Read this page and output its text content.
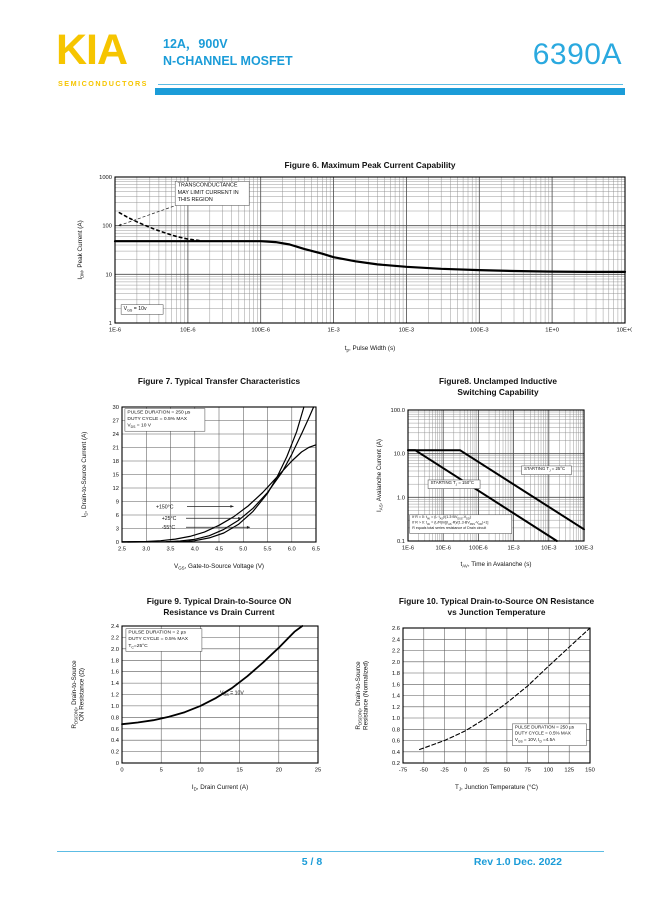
KIA
SEMICONDUCTORS
12A，900V
N-CHANNEL MOSFET	6390A
Figure 6. Maximum Peak Current Capability
1E-6	10E-6	100E-6	1E-3	10E-3	100E-3	1E+0	10E+0
1000
100
10
1
TRANSCONDUCTANCE
MAY LIMIT CURRENT IN
THIS REGION
$V_{GS} = 10v$
$t_p$, Pulse Width (s)
$I_{DM}$, Peak Current (A)
Figure 7. Typical Transfer Characteristics
2.5	3.0	3.5	4.0	4.5	5.0	5.5	6.0	6.5
30
27
24
21
18
15
12
9
6
3
0
PULSE DURATION = 250 µs
DUTY CYCLE = 0.5% MAX
$V_{DS} = 10$ V
+150°C
+25°C
-55°C
$V_{GS}$, Gate-to-Source Voltage (V)
$I_D$, Drain-to-Source Current (A)
Figure8. Unclamped Inductive
Switching Capability
1E-6	10E-6	100E-6	1E-3	10E-3	100E-3
100.0
10.0
1.0
0.1
STARTING $T_J = 25^\circ C$
STARTING $T_J = 150^\circ C$
If R = 0: $t_{AV} = (L\cdot I_{AS})/(1.3\cdot BV_{DSS}-V_{DD})$
If R > 0: $t_{AV} = (L/R)\ln[(I_{AS}\cdot R)/(1.3\cdot BV_{DSS}-V_{DD})+1]$
R equals total series resistance of Drain circuit
$t_{AV}$, Time in Avalanche (s)
$I_{AS}$, Avalanche Current (A)
Figure 9. Typical Drain-to-Source ON
Resistance vs Drain Current
0	5	10	15	20	25
2.4
2.2
2.0
1.8
1.6
1.4
1.2
1.0
0.8
0.6
0.4
0.2
0
PULSE DURATION = 2 µs
DUTY CYCLE = 0.5% MAX
$T_C=25^\circ C$
$V_{GS} = 10V$
$I_D$, Drain Current (A)
$R_{DS(ON)}$, Drain-to-Source ON Resistance (Ω)
Figure 10. Typical Drain-to-Source ON Resistance
vs Junction Temperature
-75 -50 -25	0	25 50 75 100 125 150
2.6
2.4
2.2
2.0
1.8
1.6
1.4
1.2
1.0
0.8
0.6
0.4
0.2
PULSE DURATION = 250 µs
DUTY CYCLE = 0.5% MAX
$V_{GS} = 10V$, $I_D =4.5A$
$T_J$, Junction Temperature (°C)
$R_{DS(ON)}$, Drain-to-Source Resistance (Normalized)
5 / 8	Rev 1.0 Dec. 2022
